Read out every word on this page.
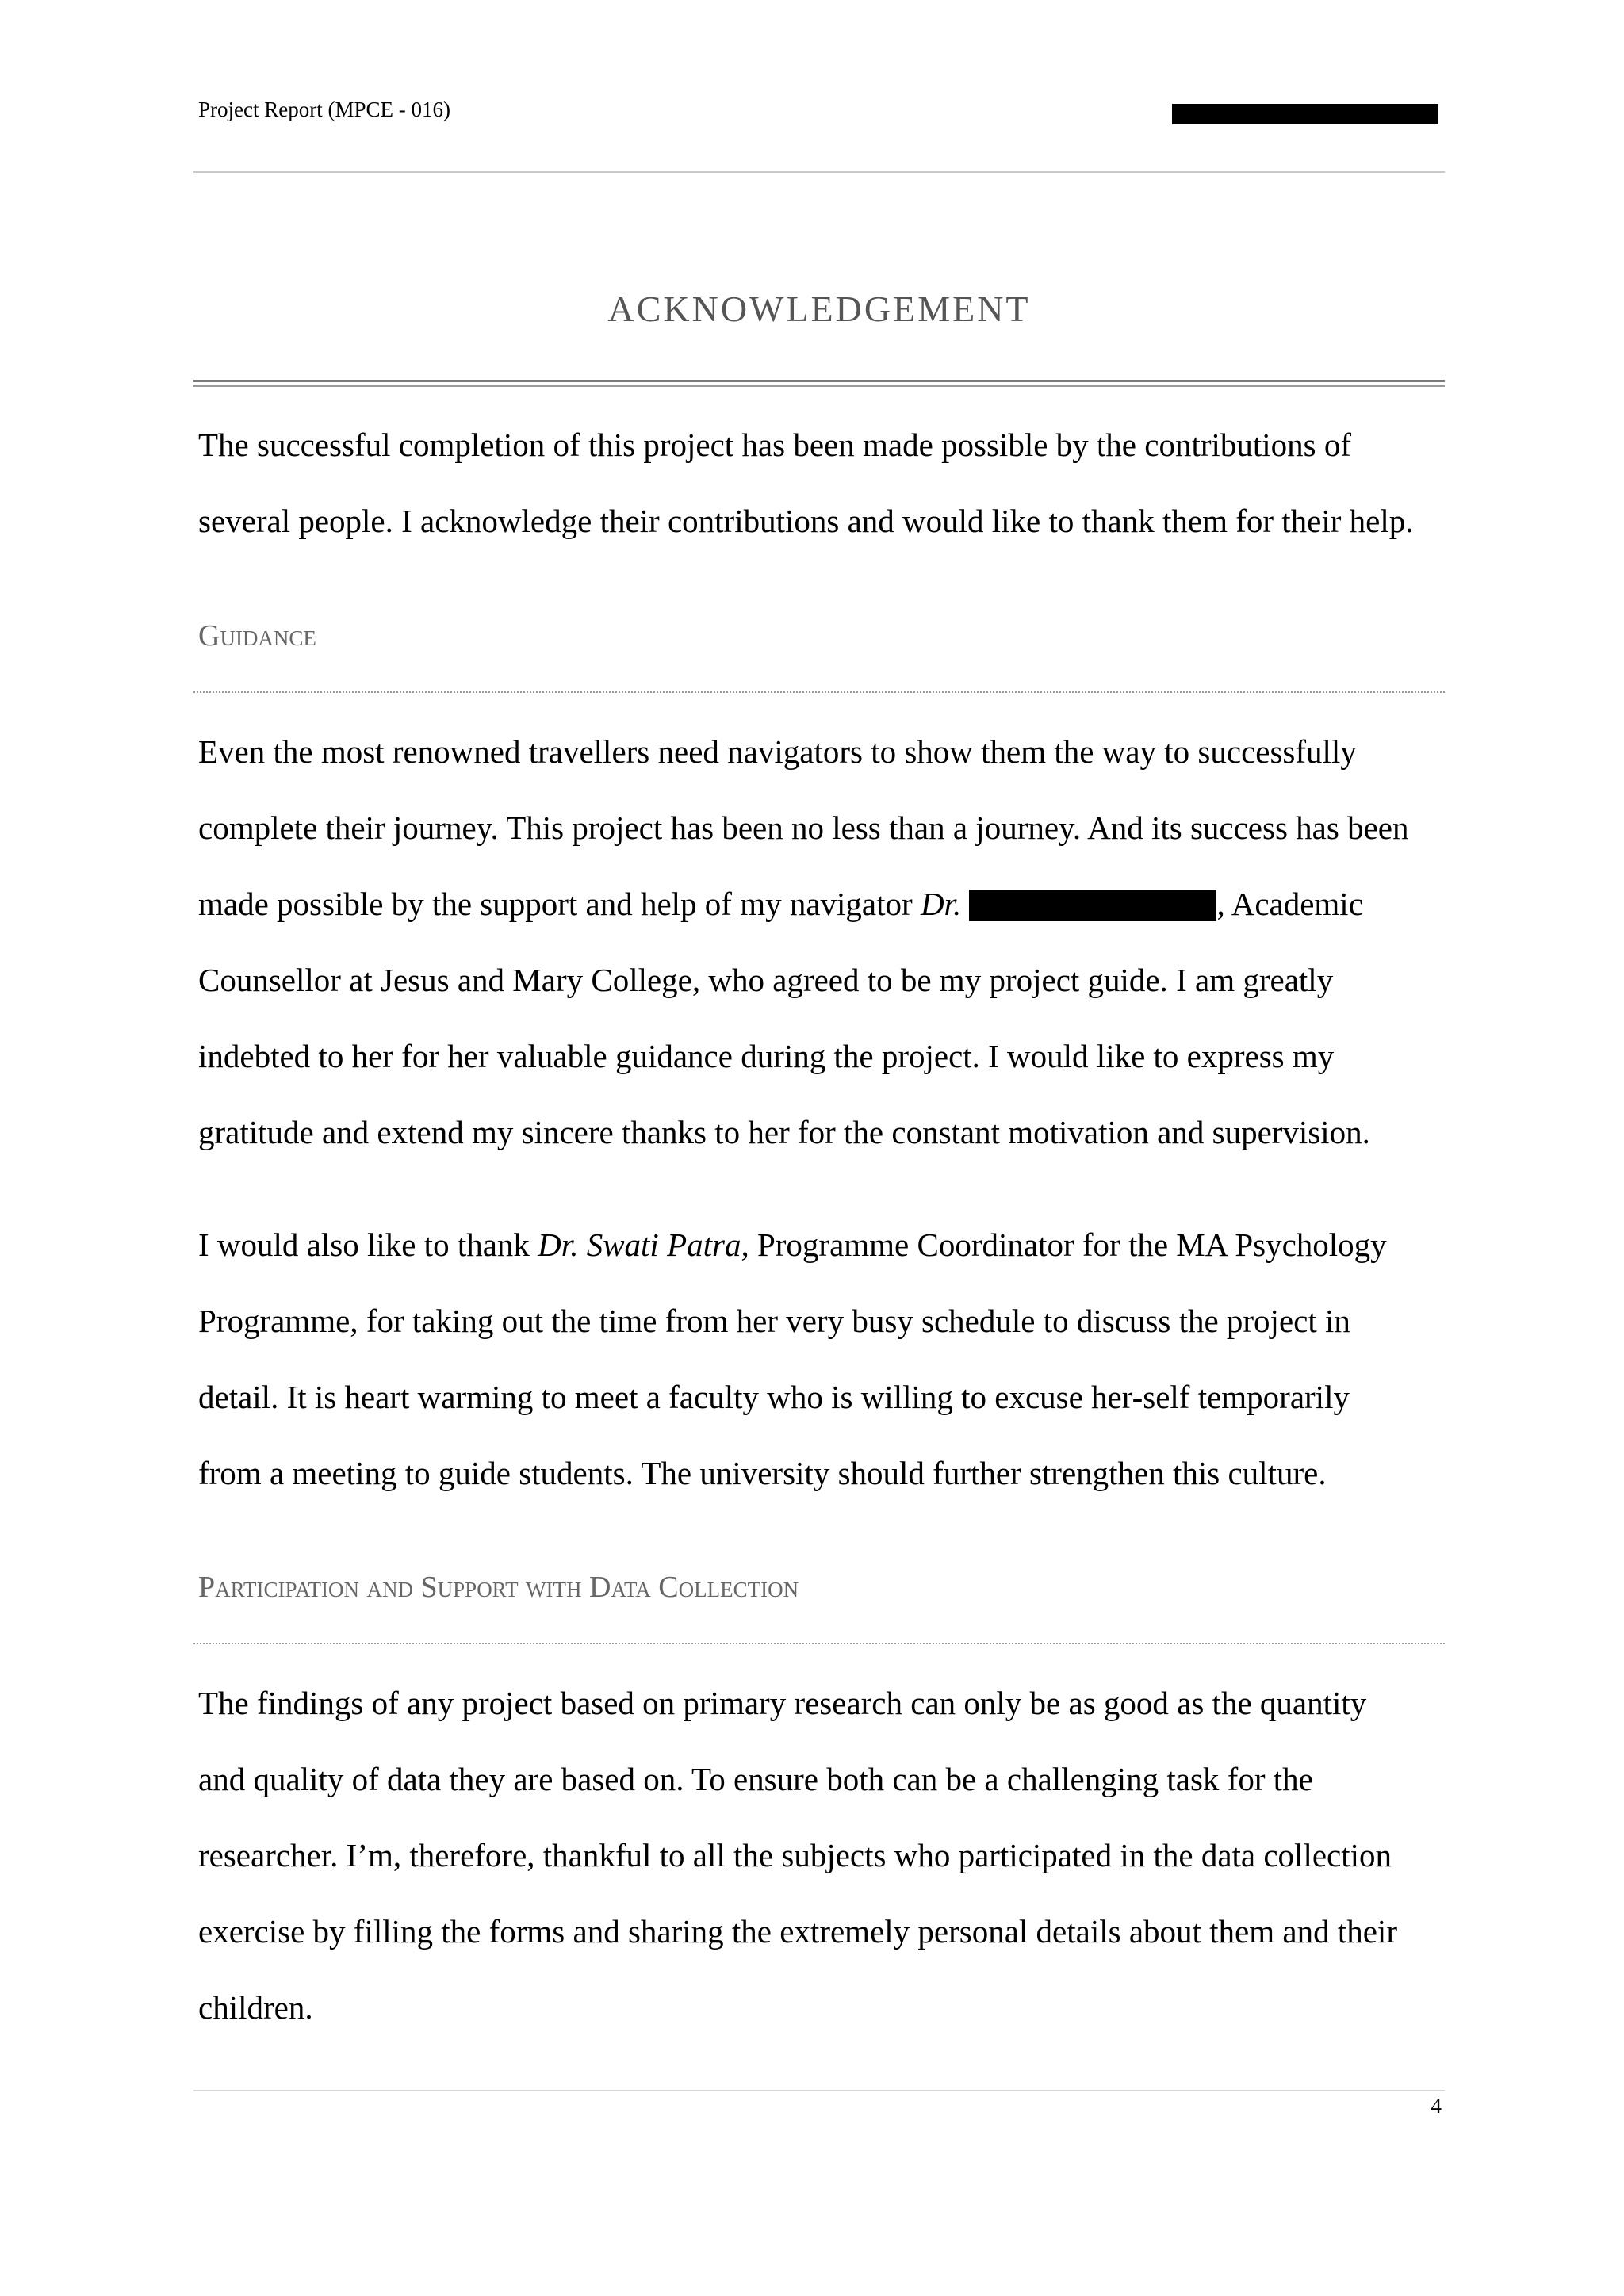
Project Report (MPCE - 016)
ACKNOWLEDGEMENT
The successful completion of this project has been made possible by the contributions of
several people. I acknowledge their contributions and would like to thank them for their help.
Guidance
Even the most renowned travellers need navigators to show them the way to successfully
complete their journey. This project has been no less than a journey. And its success has been
made possible by the support and help of my navigator Dr.	, Academic
Counsellor at Jesus and Mary College, who agreed to be my project guide. I am greatly
indebted to her for her valuable guidance during the project. I would like to express my
gratitude and extend my sincere thanks to her for the constant motivation and supervision.
I would also like to thank Dr. Swati Patra, Programme Coordinator for the MA Psychology
Programme, for taking out the time from her very busy schedule to discuss the project in
detail. It is heart warming to meet a faculty who is willing to excuse her-self temporarily
from a meeting to guide students. The university should further strengthen this culture.
Participation and Support with Data Collection
The findings of any project based on primary research can only be as good as the quantity
and quality of data they are based on. To ensure both can be a challenging task for the
researcher. I’m, therefore, thankful to all the subjects who participated in the data collection
exercise by filling the forms and sharing the extremely personal details about them and their
children.
4
